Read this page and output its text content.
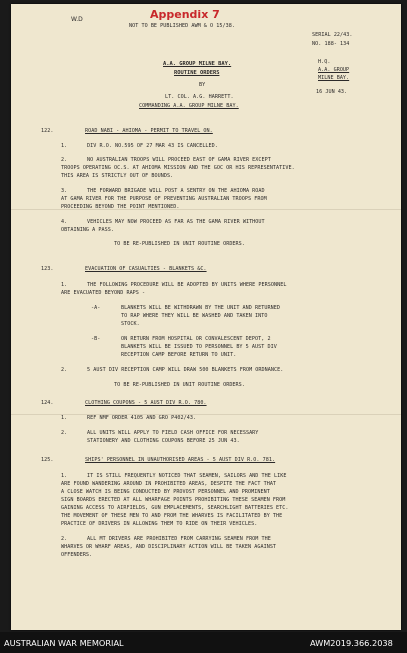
W.D	Appendix 7
NOT TO BE PUBLISHED AWM & O 15/38.
SERIAL 22/43.
NO. 188- 134
H.Q.
A.A. GROUP
MILNE BAY.
16 JUN 43.
A.A. GROUP MILNE BAY.
ROUTINE ORDERS
BY
LT. COL. A.G. HARRETT.
COMMANDING A.A. GROUP MILNE BAY.
122.	ROAD NABI - AHIOMA - PERMIT TO TRAVEL ON.
1.	DIV R.O. NO.595 OF 27 MAR 43 IS CANCELLED.
2.	NO AUSTRALIAN TROOPS WILL PROCEED EAST OF GAMA RIVER EXCEPT
TROOPS OPERATING OC.S. AT AHIOMA MISSION AND THE GOC OR HIS REPRESENTATIVE.
THIS AREA IS STRICTLY OUT OF BOUNDS.
3.	THE FORWARD BRIGADE WILL POST A SENTRY ON THE AHIOMA ROAD
AT GAMA RIVER FOR THE PURPOSE OF PREVENTING AUSTRALIAN TROOPS FROM
PROCEEDING BEYOND THE POINT MENTIONED.
4.	VEHICLES MAY NOW PROCEED AS FAR AS THE GAMA RIVER WITHOUT
OBTAINING A PASS.
TO BE RE-PUBLISHED IN UNIT ROUTINE ORDERS.
123.	EVACUATION OF CASUALTIES - BLANKETS &C.
1.	THE FOLLOWING PROCEDURE WILL BE ADOPTED BY UNITS WHERE PERSONNEL
ARE EVACUATED BEYOND RAPS -
-A-	BLANKETS WILL BE WITHDRAWN BY THE UNIT AND RETURNED
TO RAP WHERE THEY WILL BE WASHED AND TAKEN INTO
STOCK.
-B-	ON RETURN FROM HOSPITAL OR CONVALESCENT DEPOT, 2
BLANKETS WILL BE ISSUED TO PERSONNEL BY 5 AUST DIV
RECEPTION CAMP BEFORE RETURN TO UNIT.
2.	5 AUST DIV RECEPTION CAMP WILL DRAW 500 BLANKETS FROM ORDNANCE.
TO BE RE-PUBLISHED IN UNIT ROUTINE ORDERS.
124.	CLOTHING COUPONS - 5 AUST DIV R.O. 780.
1.	REF NMF ORDER 4105 AND GRO P402/43.
2.	ALL UNITS WILL APPLY TO FIELD CASH OFFICE FOR NECESSARY
STATIONERY AND CLOTHING COUPONS BEFORE 25 JUN 43.
125.	SHIPS' PERSONNEL IN UNAUTHORISED AREAS - 5 AUST DIV R.O. 781.
1.	IT IS STILL FREQUENTLY NOTICED THAT SEAMEN, SAILORS AND THE LIKE
ARE FOUND WANDERING AROUND IN PROHIBITED AREAS, DESPITE THE FACT THAT
A CLOSE WATCH IS BEING CONDUCTED BY PROVOST PERSONNEL AND PROMINENT
SIGN BOARDS ERECTED AT ALL WHARFAGE POINTS PROHIBITING THESE SEAMEN FROM
GAINING ACCESS TO AIRFIELDS, GUN EMPLACEMENTS, SEARCHLIGHT BATTERIES ETC.
THE MOVEMENT OF THESE MEN TO AND FROM THE WHARVES IS FACILITATED BY THE
PRACTICE OF DRIVERS IN ALLOWING THEM TO RIDE ON THEIR VEHICLES.
2.	ALL MT DRIVERS ARE PROHIBITED FROM CARRYING SEAMEN FROM THE
WHARVES OR WHARF AREAS, AND DISCIPLINARY ACTION WILL BE TAKEN AGAINST
OFFENDERS.
AUSTRALIAN WAR MEMORIAL	AWM2019.366.2038
